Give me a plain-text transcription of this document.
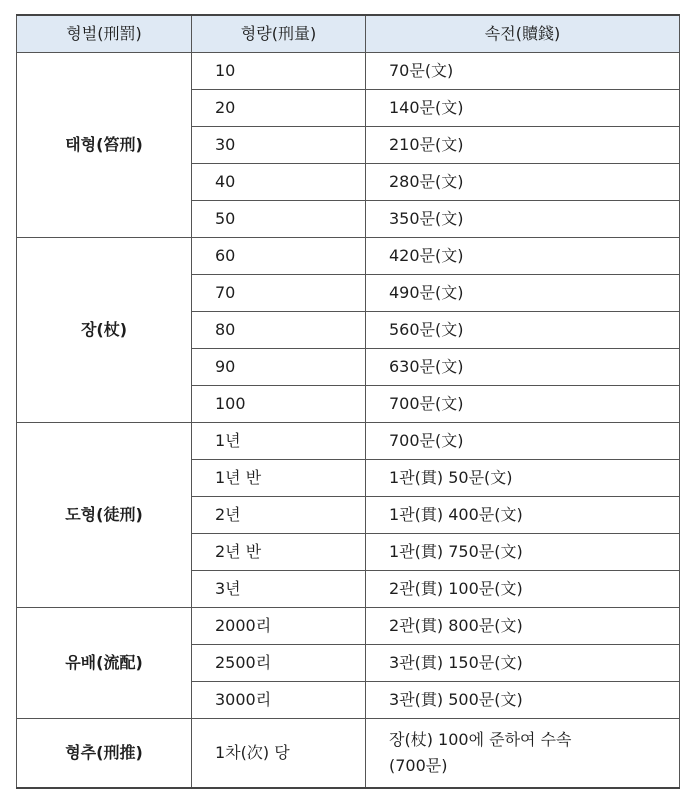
형벌(刑罰)	형량(刑量)	속전(贖錢)
태형(笞刑)	10	70문(文)
	20	140문(文)
	30	210문(文)
	40	280문(文)
	50	350문(文)
장(杖)	60	420문(文)
	70	490문(文)
	80	560문(文)
	90	630문(文)
	100	700문(文)
도형(徒刑)	1년	700문(文)
	1년 반	1관(貫) 50문(文)
	2년	1관(貫) 400문(文)
	2년 반	1관(貫) 750문(文)
	3년	2관(貫) 100문(文)
유배(流配)	2000리	2관(貫) 800문(文)
	2500리	3관(貫) 150문(文)
	3000리	3관(貫) 500문(文)
형추(刑推)	1차(次) 당	장(杖) 100에 준하여 수속
(700문)
